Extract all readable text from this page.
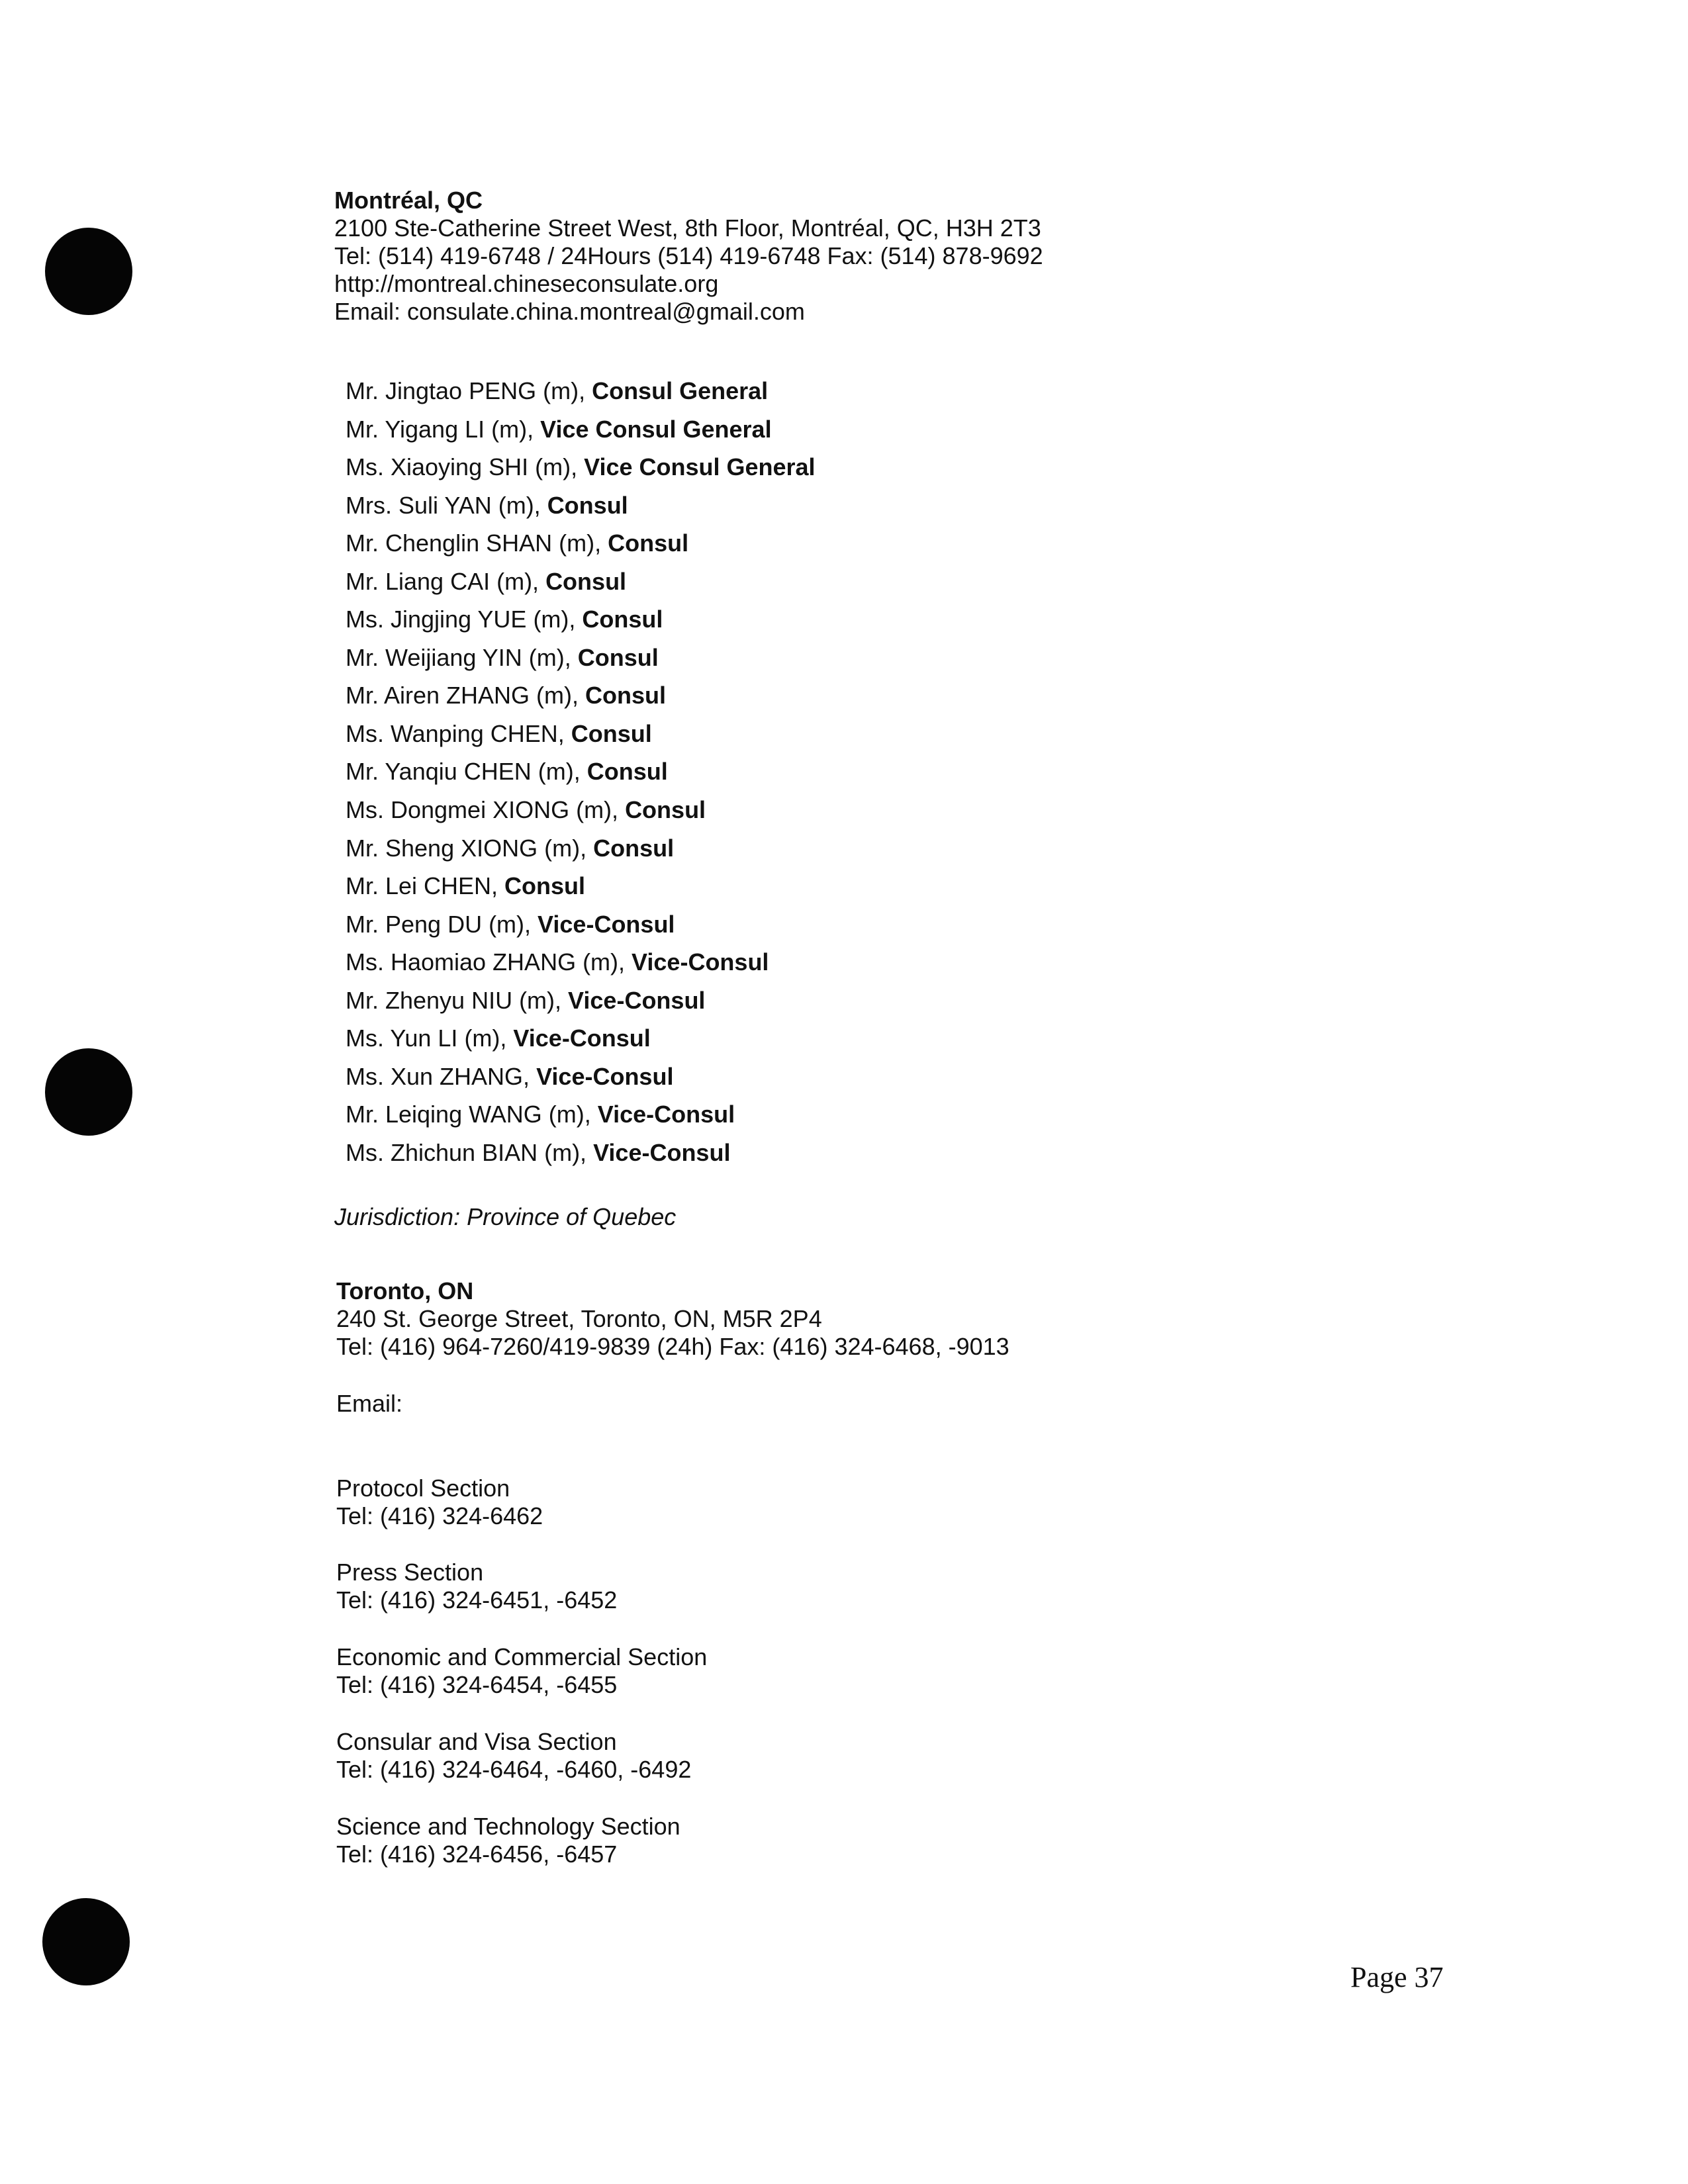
Montréal, QC

2100 Ste-Catherine Street West, 8th Floor, Montréal, QC, H3H 2T3

Tel: (514) 419-6748 / 24Hours (514) 419-6748 Fax: (514) 878-9692

http://montreal.chineseconsulate.org

Email: consulate.china.montreal@gmail.com

Mr. Jingtao PENG (m), Consul General
Mr. Yigang LI (m), Vice Consul General
Ms. Xiaoying SHI (m), Vice Consul General
Mrs. Suli YAN (m), Consul
Mr. Chenglin SHAN (m), Consul
Mr. Liang CAI (m), Consul
Ms. Jingjing YUE (m), Consul
Mr. Weijiang YIN (m), Consul
Mr. Airen ZHANG (m), Consul
Ms. Wanping CHEN, Consul
Mr. Yanqiu CHEN (m), Consul
Ms. Dongmei XIONG (m), Consul
Mr. Sheng XIONG (m), Consul
Mr. Lei CHEN, Consul
Mr. Peng DU (m), Vice-Consul
Ms. Haomiao ZHANG (m), Vice-Consul
Mr. Zhenyu NIU (m), Vice-Consul
Ms. Yun LI (m), Vice-Consul
Ms. Xun ZHANG, Vice-Consul
Mr. Leiqing WANG (m), Vice-Consul
Ms. Zhichun BIAN (m), Vice-Consul
Jurisdiction: Province of Quebec

Toronto, ON

240 St. George Street, Toronto, ON, M5R 2P4

Tel: (416) 964-7260/419-9839 (24h) Fax: (416) 324-6468, -9013

Email:

Protocol Section

Tel: (416) 324-6462

Press Section

Tel: (416) 324-6451, -6452

Economic and Commercial Section

Tel: (416) 324-6454, -6455

Consular and Visa Section

Tel: (416) 324-6464, -6460, -6492

Science and Technology Section

Tel: (416) 324-6456, -6457

Page 37
